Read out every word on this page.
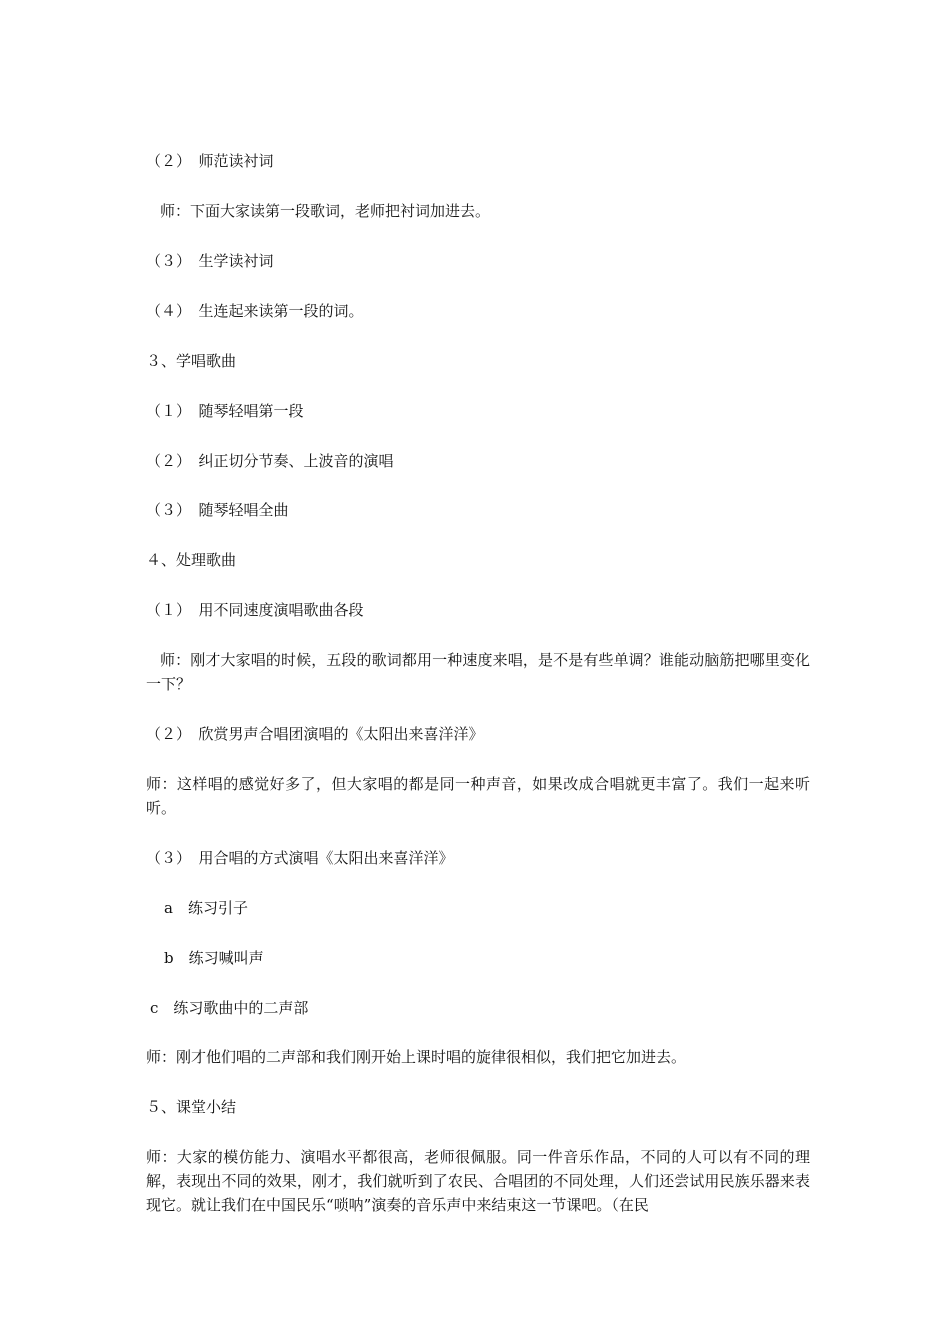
（２）　师范读衬词
师：下面大家读第一段歌词，老师把衬词加进去。
（３）　生学读衬词
（４）　生连起来读第一段的词。
３、学唱歌曲
（１）　随琴轻唱第一段
（２）　纠正切分节奏、上波音的演唱
（３）　随琴轻唱全曲
４、处理歌曲
（１）　用不同速度演唱歌曲各段
师：刚才大家唱的时候，五段的歌词都用一种速度来唱，是不是有些单调？谁能动脑筋把哪里变化一下？
（２）　欣赏男声合唱团演唱的《太阳出来喜洋洋》
师：这样唱的感觉好多了，但大家唱的都是同一种声音，如果改成合唱就更丰富了。我们一起来听听。
（３）　用合唱的方式演唱《太阳出来喜洋洋》
a　练习引子
b　练习喊叫声
c　练习歌曲中的二声部
师：刚才他们唱的二声部和我们刚开始上课时唱的旋律很相似，我们把它加进去。
５、课堂小结
师：大家的模仿能力、演唱水平都很高，老师很佩服。同一件音乐作品，不同的人可以有不同的理解，表现出不同的效果，刚才，我们就听到了农民、合唱团的不同处理，人们还尝试用民族乐器来表现它。就让我们在中国民乐“唢呐”演奏的音乐声中来结束这一节课吧。（在民
